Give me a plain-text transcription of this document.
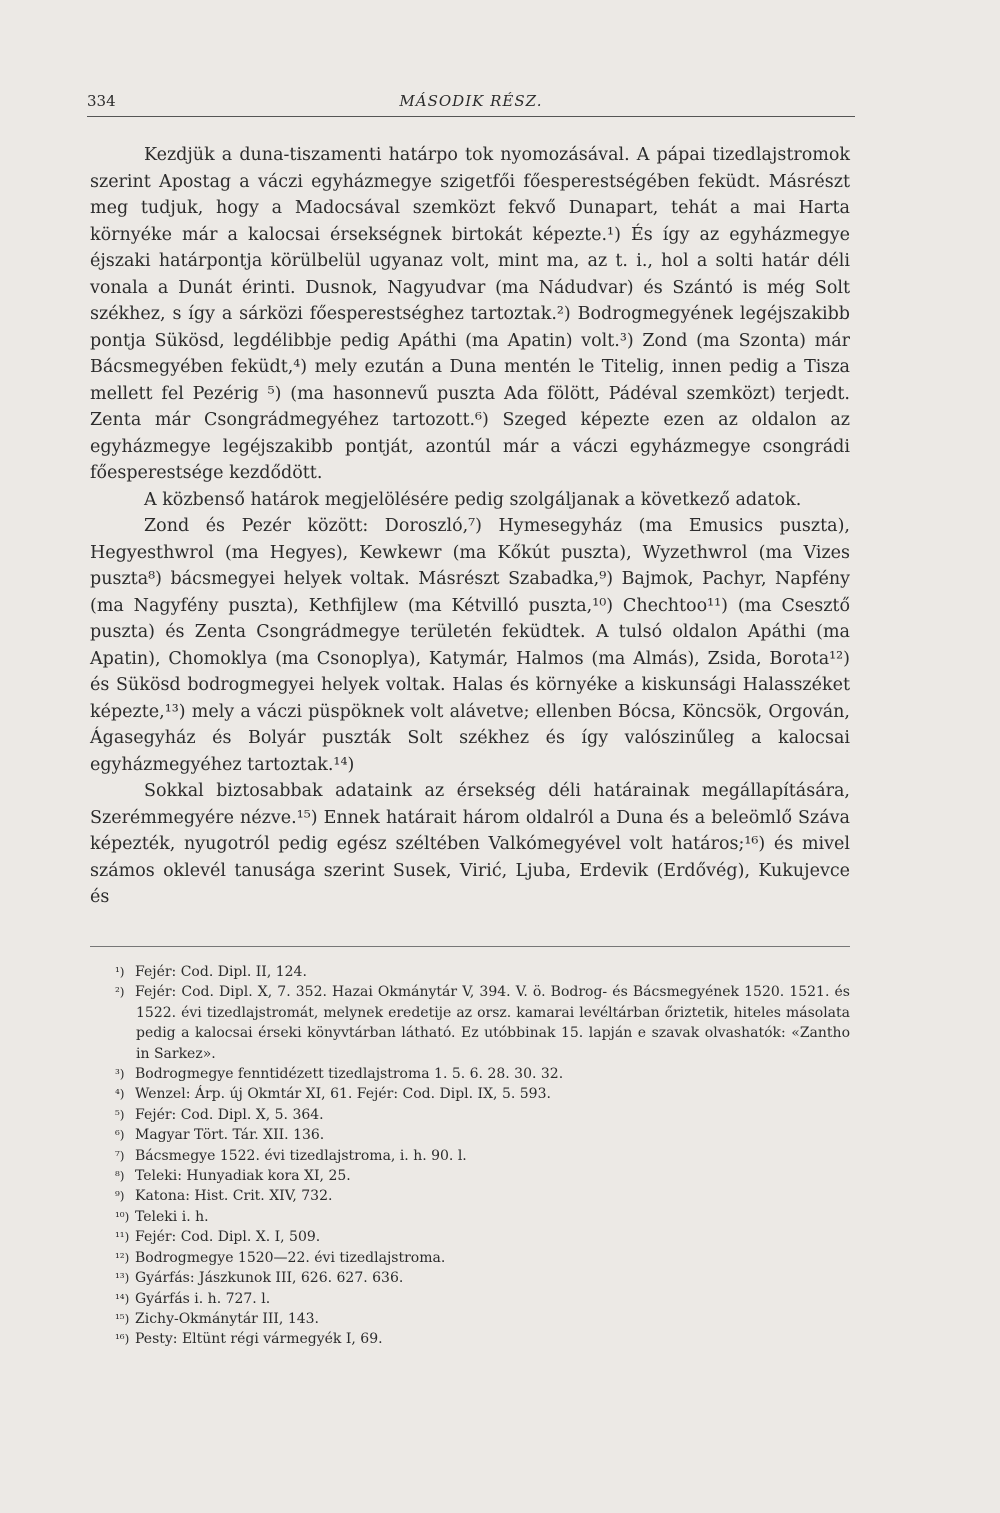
334	MÁSODIK RÉSZ.

Kezdjük a duna-tiszamenti határpo tok nyomozásával. A pápai tizedlajstromok szerint Apostag a váczi egyházmegye szigetfői főesperestségében feküdt. Másrészt meg tudjuk, hogy a Madocsával szemközt fekvő Dunapart, tehát a mai Harta környéke már a kalocsai érsekségnek birtokát képezte.¹) És így az egyházmegye éjszaki határpontja körülbelül ugyanaz volt, mint ma, az t. i., hol a solti határ déli vonala a Dunát érinti. Dusnok, Nagyudvar (ma Nádudvar) és Szántó is még Solt székhez, s így a sárközi főesperestséghez tartoztak.²) Bodrogmegyének legéjszakibb pontja Sükösd, legdélibbje pedig Apáthi (ma Apatin) volt.³) Zond (ma Szonta) már Bácsmegyében feküdt,⁴) mely ezután a Duna mentén le Titelig, innen pedig a Tisza mellett fel Pezérig ⁵) (ma hasonnevű puszta Ada fölött, Pádéval szemközt) terjedt. Zenta már Csongrádmegyéhez tartozott.⁶) Szeged képezte ezen az oldalon az egyházmegye legéjszakibb pontját, azontúl már a váczi egyházmegye csongrádi főesperestsége kezdődött.

A közbenső határok megjelölésére pedig szolgáljanak a következő adatok.

Zond és Pezér között: Doroszló,⁷) Hymesegyház (ma Emusics puszta), Hegyesthwrol (ma Hegyes), Kewkewr (ma Kőkút puszta), Wyzethwrol (ma Vizes puszta⁸) bácsmegyei helyek voltak. Másrészt Szabadka,⁹) Bajmok, Pachyr, Napfény (ma Nagyfény puszta), Kethfijlew (ma Kétvilló puszta,¹⁰) Chechtoo¹¹) (ma Csesztő puszta) és Zenta Csongrádmegye területén feküdtek. A tulsó oldalon Apáthi (ma Apatin), Chomoklya (ma Csonoplya), Katymár, Halmos (ma Almás), Zsida, Borota¹²) és Sükösd bodrogmegyei helyek voltak. Halas és környéke a kiskunsági Halasszéket képezte,¹³) mely a váczi püspöknek volt alávetve; ellenben Bócsa, Köncsök, Orgován, Ágasegyház és Bolyár puszták Solt székhez és így valószinűleg a kalocsai egyházmegyéhez tartoztak.¹⁴)

Sokkal biztosabbak adataink az érsekség déli határainak megállapítására, Szerémmegyére nézve.¹⁵) Ennek határait három oldalról a Duna és a beleömlő Száva képezték, nyugotról pedig egész széltében Valkómegyével volt határos;¹⁶) és mivel számos oklevél tanusága szerint Susek, Virić, Ljuba, Erdevik (Erdővég), Kukujevce és

¹) Fejér: Cod. Dipl. II, 124.

²) Fejér: Cod. Dipl. X, 7. 352. Hazai Okmánytár V, 394. V. ö. Bodrog- és Bácsmegyének 1520. 1521. és 1522. évi tizedlajstromát, melynek eredetije az orsz. kamarai levéltárban őriztetik, hiteles másolata pedig a kalocsai érseki könyvtárban látható. Ez utóbbinak 15. lapján e szavak olvashatók: «Zantho in Sarkez».

³) Bodrogmegye fenntidézett tizedlajstroma 1. 5. 6. 28. 30. 32.

⁴) Wenzel: Árp. új Okmtár XI, 61. Fejér: Cod. Dipl. IX, 5. 593.

⁵) Fejér: Cod. Dipl. X, 5. 364.

⁶) Magyar Tört. Tár. XII. 136.

⁷) Bácsmegye 1522. évi tizedlajstroma, i. h. 90. l.

⁸) Teleki: Hunyadiak kora XI, 25.

⁹) Katona: Hist. Crit. XIV, 732.

¹⁰) Teleki i. h.

¹¹) Fejér: Cod. Dipl. X. I, 509.

¹²) Bodrogmegye 1520—22. évi tizedlajstroma.

¹³) Gyárfás: Jászkunok III, 626. 627. 636.

¹⁴) Gyárfás i. h. 727. l.

¹⁵) Zichy-Okmánytár III, 143.

¹⁶) Pesty: Eltünt régi vármegyék I, 69.
